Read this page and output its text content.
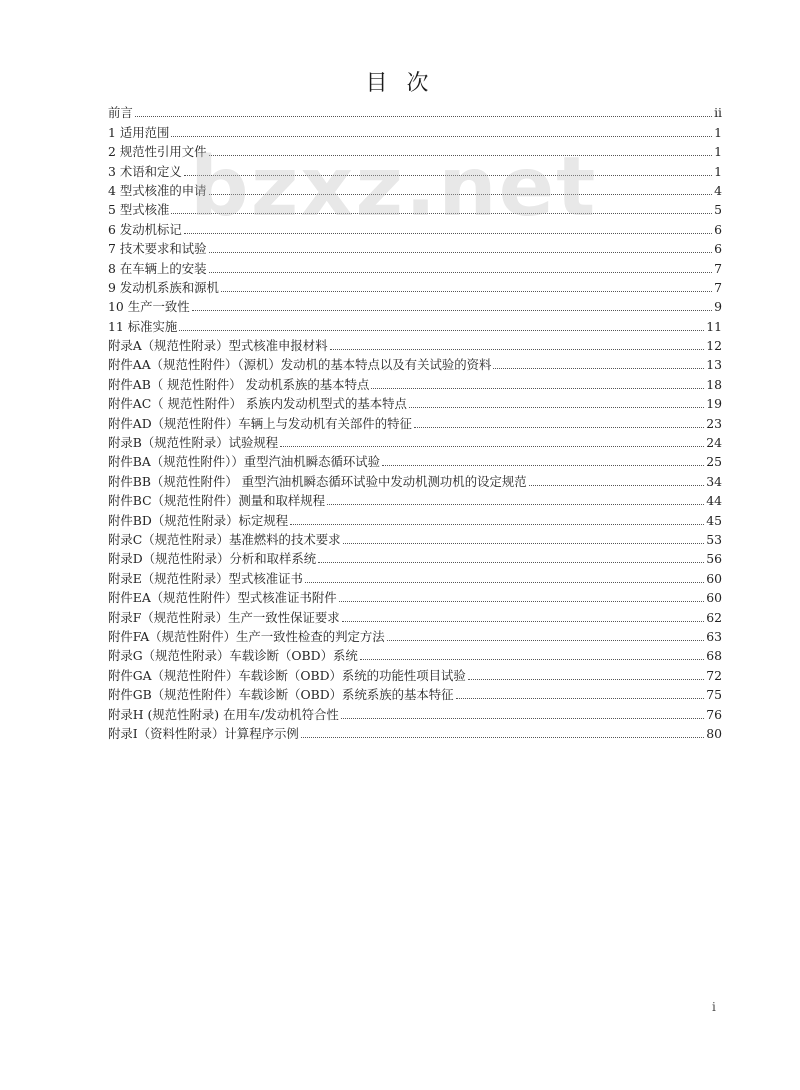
目 次
bzxz.net
前言	ii
1 适用范围	1
2 规范性引用文件	1
3 术语和定义	1
4 型式核准的申请	4
5 型式核准	5
6 发动机标记	6
7 技术要求和试验	6
8 在车辆上的安装	7
9 发动机系族和源机	7
10 生产一致性	9
11 标准实施	11
附录A（规范性附录）型式核准申报材料	12
附件AA（规范性附件）（源机）发动机的基本特点以及有关试验的资料	13
附件AB（ 规范性附件） 发动机系族的基本特点	18
附件AC（ 规范性附件） 系族内发动机型式的基本特点	19
附件AD（规范性附件）车辆上与发动机有关部件的特征	23
附录B（规范性附录）试验规程	24
附件BA（规范性附件））重型汽油机瞬态循环试验	25
附件BB（规范性附件） 重型汽油机瞬态循环试验中发动机测功机的设定规范	34
附件BC（规范性附件）测量和取样规程	44
附件BD（规范性附录）标定规程	45
附录C（规范性附录）基准燃料的技术要求	53
附录D（规范性附录）分析和取样系统	56
附录E（规范性附录）型式核准证书	60
附件EA（规范性附件）型式核准证书附件	60
附录F（规范性附录）生产一致性保证要求	62
附件FA（规范性附件）生产一致性检查的判定方法	63
附录G（规范性附录）车载诊断（OBD）系统	68
附件GA（规范性附件）车载诊断（OBD）系统的功能性项目试验	72
附件GB（规范性附件）车载诊断（OBD）系统系族的基本特征	75
附录H (规范性附录) 在用车/发动机符合性	76
附录I（资料性附录）计算程序示例	80
i
